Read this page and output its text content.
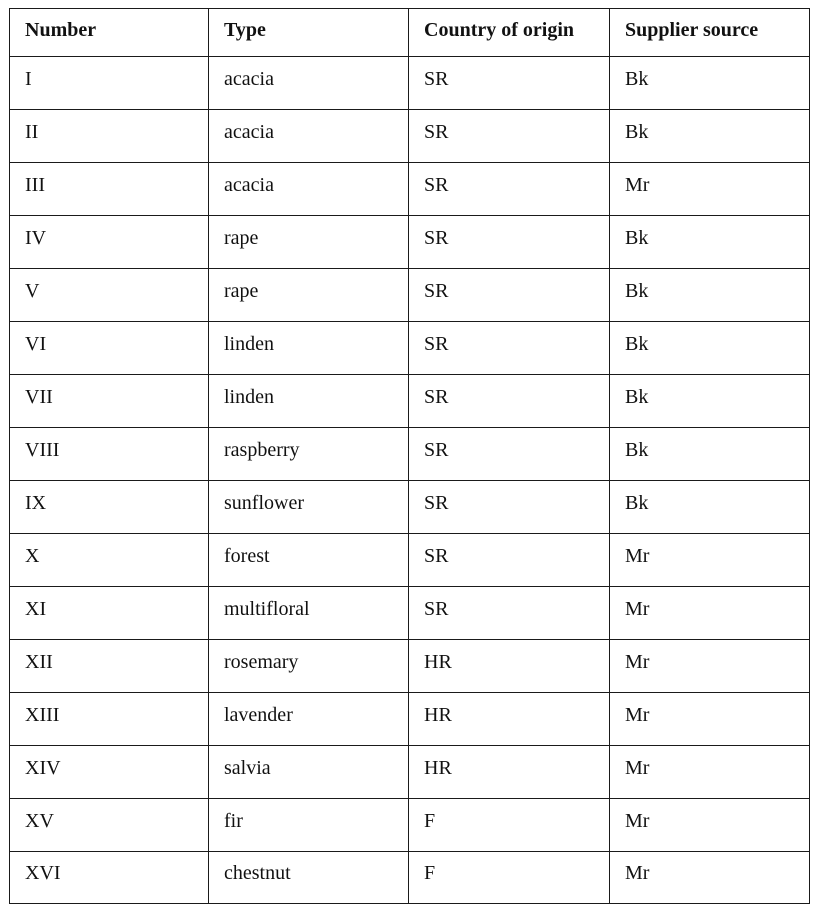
Number	Type	Country of origin	Supplier source
I	acacia	SR	Bk
II	acacia	SR	Bk
III	acacia	SR	Mr
IV	rape	SR	Bk
V	rape	SR	Bk
VI	linden	SR	Bk
VII	linden	SR	Bk
VIII	raspberry	SR	Bk
IX	sunflower	SR	Bk
X	forest	SR	Mr
XI	multifloral	SR	Mr
XII	rosemary	HR	Mr
XIII	lavender	HR	Mr
XIV	salvia	HR	Mr
XV	fir	F	Mr
XVI	chestnut	F	Mr
